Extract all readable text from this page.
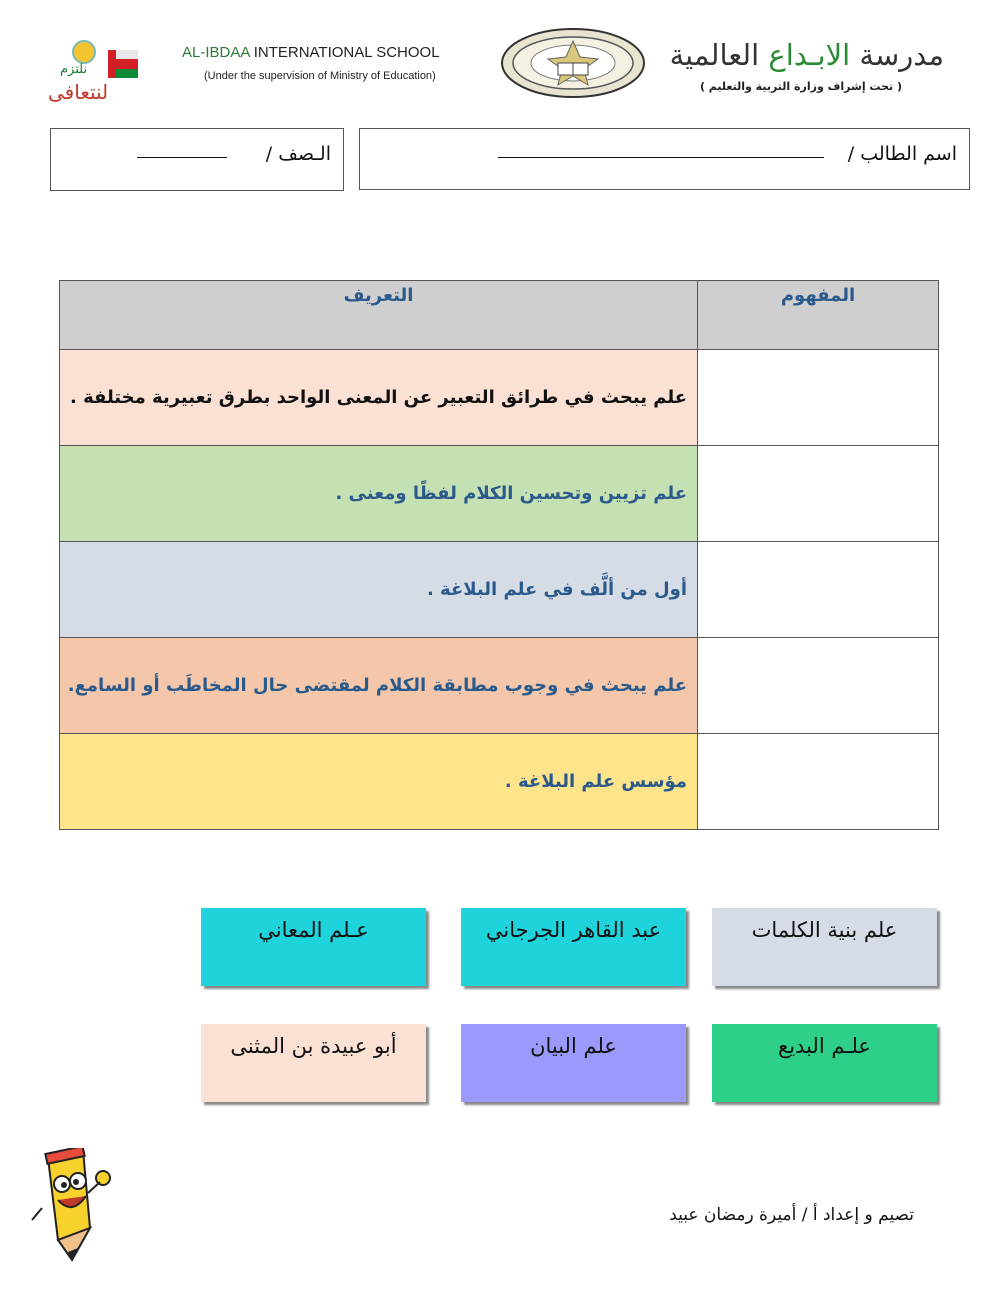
نلتزم
لنتعافى
AL-IBDAA INTERNATIONAL SCHOOL
(Under the supervision of Ministry of Education)
مدرسة الابـداع العالمية
( تحت إشراف وزارة التربية والتعليم )
اسم الطالب /
الـصف /
المفهوم	التعريف
	علم يبحث في طرائق التعبير عن المعنى الواحد بطرق تعبيرية مختلفة .
	علم تزيين وتحسين الكلام لفظًا ومعنى .
	أول من ألَّف في علم البلاغة .
	علم يبحث في وجوب مطابقة الكلام لمقتضى حال المخاطَب أو السامع.
	مؤسس علم البلاغة .
علم بنية الكلمات
عبد القاهر الجرجاني
عـلم المعاني
علـم البديع
علم البيان
أبو عبيدة بن المثنى
تصيم و إعداد أ / أميرة رمضان عبيد
